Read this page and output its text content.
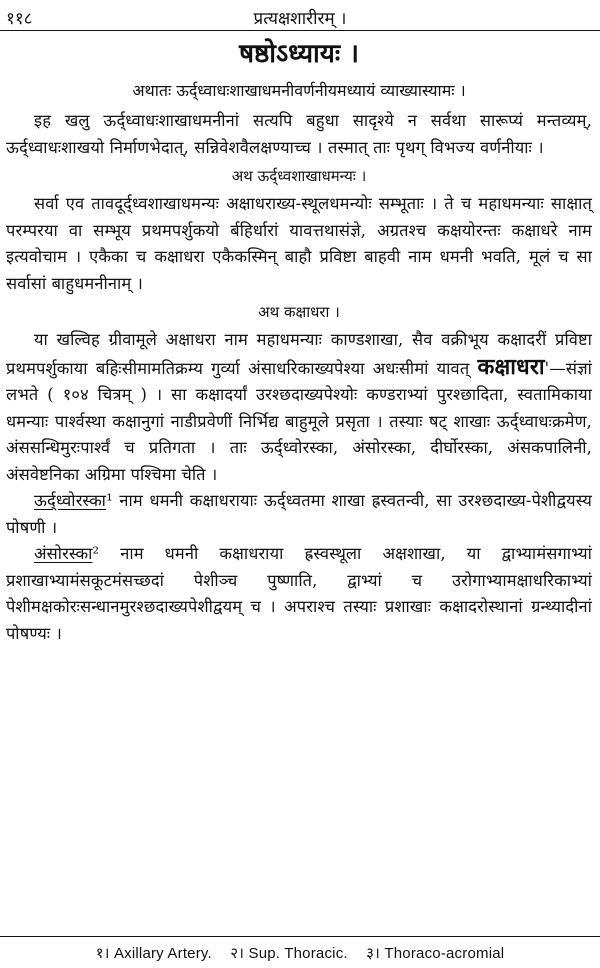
११८	प्रत्यक्षशारीरम् ।
षष्ठोऽध्यायः ।
अथातः ऊर्द्ध्वाधःशाखाधमनीवर्णनीयमध्यायं व्याख्यास्यामः ।

इह खलु ऊर्द्ध्वाधःशाखाधमनीनां सत्यपि बहुधा सादृश्ये न सर्वथा सारूप्यं मन्तव्यम्, ऊर्द्ध्वाधःशाखयो निर्माणभेदात्, सन्निवेशवैलक्षण्याच्च । तस्मात् ताः पृथग् विभज्य वर्णनीयाः ।

अथ ऊर्द्ध्वशाखाधमन्यः ।

सर्वा एव तावदूर्द्ध्वशाखाधमन्यः अक्षाधराख्य-स्थूलधमन्योः सम्भूताः । ते च महाधमन्याः साक्षात् परम्परया वा सम्भूय प्रथमपर्शुकयो र्बहिर्धारां यावत्तथासंज्ञे, अग्रतश्च कक्षयोरन्तः कक्षाधरे नाम इत्यवोचाम । एकैका च कक्षाधरा एकैकस्मिन् बाहौ प्रविष्टा बाहवी नाम धमनी भवति, मूलं च सा सर्वासां बाहुधमनीनाम् ।

अथ कक्षाधरा ।

या खल्विह ग्रीवामूले अक्षाधरा नाम महाधमन्याः काण्डशाखा, सैव वक्रीभूय कक्षादरीं प्रविष्टा प्रथमपर्शुकाया बहिःसीमामतिक्रम्य गुर्व्या अंसाधरिकाख्यपेश्या अधःसीमां यावत् कक्षाधरा'—संज्ञां लभते ( १०४ चित्रम् ) । सा कक्षादर्यां उरश्छदाख्यपेश्योः कण्डराभ्यां पुरश्छादिता, स्वतामिकाया धमन्याः पार्श्वस्था कक्षानुगां नाडीप्रवेणीं निर्भिद्य बाहुमूले प्रसृता । तस्याः षट् शाखाः ऊर्द्ध्वाधःक्रमेण, अंससन्धिमुरःपार्श्वं च प्रतिगता । ताः ऊर्द्ध्वोरस्का, अंसोरस्का, दीर्घोरस्का, अंसकपालिनी, अंसवेष्टनिका अग्रिमा पश्चिमा चेति ।

ऊर्द्ध्वोरस्का¹ नाम धमनी कक्षाधरायाः ऊर्द्ध्वतमा शाखा ह्रस्वतन्वी, सा उरश्छदाख्य-पेशीद्वयस्य पोषणी ।

अंसोरस्का² नाम धमनी कक्षाधराया ह्रस्वस्थूला अक्षशाखा, या द्वाभ्यामंसगाभ्यां प्रशाखाभ्यामंसकूटमंसच्छदां पेशीञ्च पुष्णाति, द्वाभ्यां च उरोगाभ्यामक्षाधरिकाभ्यां पेशीमक्षकोरःसन्धानमुरश्छदाख्यपेशीद्वयम् च । अपराश्च तस्याः प्रशाखाः कक्षादरोस्थानां ग्रन्थ्यादीनां पोषण्यः ।

१। Axillary Artery. २। Sup. Thoracic. ३। Thoraco-acromial
